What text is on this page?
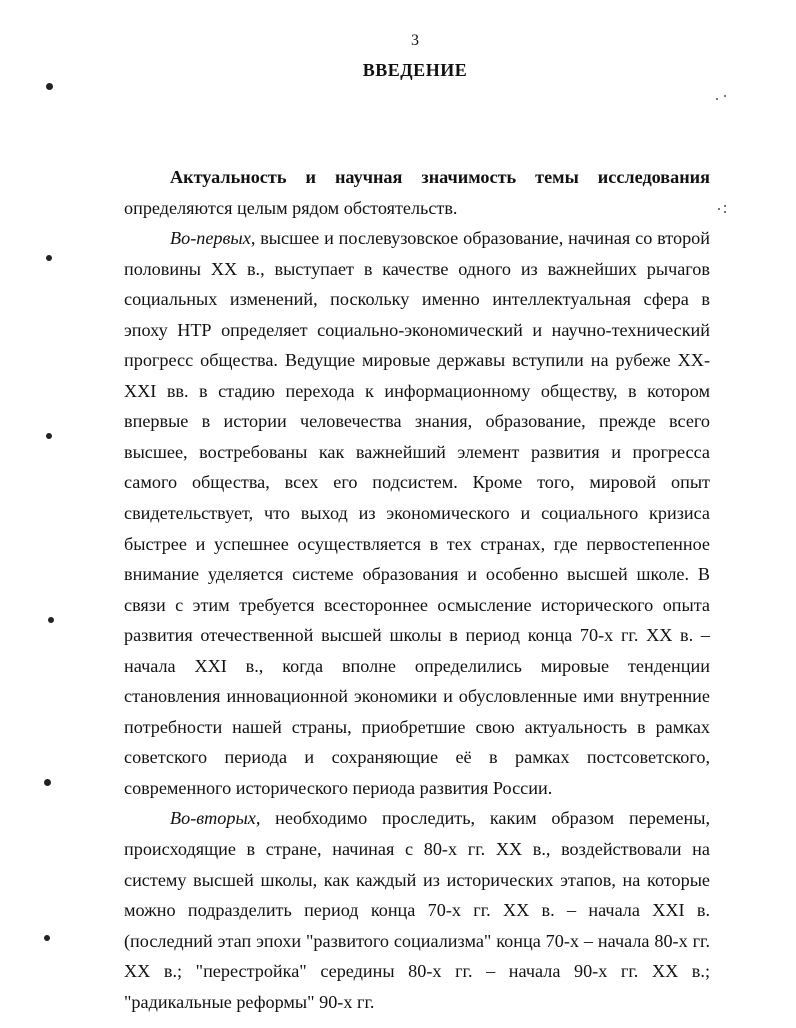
3
ВВЕДЕНИЕ

Актуальность и научная значимость темы исследования определяются целым рядом обстоятельств.

Во-первых, высшее и послевузовское образование, начиная со второй половины XX в., выступает в качестве одного из важнейших рычагов социальных изменений, поскольку именно интеллектуальная сфера в эпоху НТР определяет социально-экономический и научно-технический прогресс общества. Ведущие мировые державы вступили на рубеже XX-XXI вв. в стадию перехода к информационному обществу, в котором впервые в истории человечества знания, образование, прежде всего высшее, востребованы как важнейший элемент развития и прогресса самого общества, всех его подсистем. Кроме того, мировой опыт свидетельствует, что выход из экономического и социального кризиса быстрее и успешнее осуществляется в тех странах, где первостепенное внимание уделяется системе образования и особенно высшей школе. В связи с этим требуется всестороннее осмысление исторического опыта развития отечественной высшей школы в период конца 70-х гг. XX в. – начала XXI в., когда вполне определились мировые тенденции становления инновационной экономики и обусловленные ими внутренние потребности нашей страны, приобретшие свою актуальность в рамках советского периода и сохраняющие её в рамках постсоветского, современного исторического периода развития России.

Во-вторых, необходимо проследить, каким образом перемены, происходящие в стране, начиная с 80-х гг. XX в., воздействовали на систему высшей школы, как каждый из исторических этапов, на которые можно подразделить период конца 70-х гг. XX в. – начала XXI в. (последний этап эпохи "развитого социализма" конца 70-х – начала 80-х гг. XX в.; "перестройка" середины 80-х гг. – начала 90-х гг. XX в.; "радикальные реформы" 90-х гг.
